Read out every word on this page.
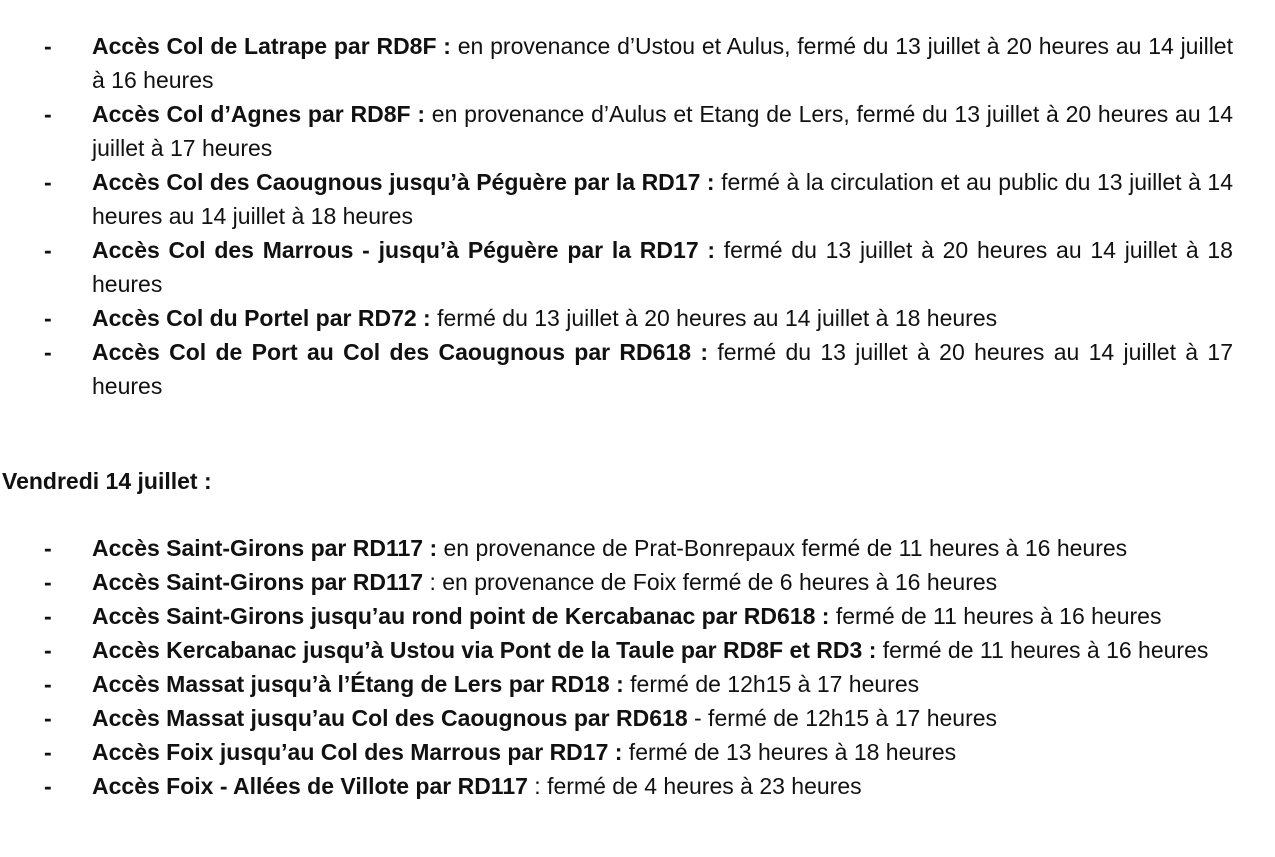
- Accès Col de Latrape par RD8F : en provenance d’Ustou et Aulus, fermé du 13 juillet à 20 heures au 14 juillet à 16 heures
- Accès Col d’Agnes par RD8F : en provenance d’Aulus et Etang de Lers, fermé du 13 juillet à 20 heures au 14 juillet à 17 heures
- Accès Col des Caougnous jusqu’à Péguère par la RD17 : fermé à la circulation et au public du 13 juillet à 14 heures au 14 juillet à 18 heures
- Accès Col des Marrous - jusqu’à Péguère par la RD17 : fermé du 13 juillet à 20 heures au 14 juillet à 18 heures
- Accès Col du Portel par RD72 : fermé du 13 juillet à 20 heures au 14 juillet à 18 heures
- Accès Col de Port au Col des Caougnous par RD618 : fermé du 13 juillet à 20 heures au 14 juillet à 17 heures

Vendredi 14 juillet :

- Accès Saint-Girons par RD117 : en provenance de Prat-Bonrepaux fermé de 11 heures à 16 heures
- Accès Saint-Girons par RD117 : en provenance de Foix fermé de 6 heures à 16 heures
- Accès Saint-Girons jusqu’au rond point de Kercabanac par RD618 : fermé de 11 heures à 16 heures
- Accès Kercabanac jusqu’à Ustou via Pont de la Taule par RD8F et RD3 : fermé de 11 heures à 16 heures
- Accès Massat jusqu’à l’Étang de Lers par RD18 : fermé de 12h15 à 17 heures
- Accès Massat jusqu’au Col des Caougnous par RD618 - fermé de 12h15 à 17 heures
- Accès Foix jusqu’au Col des Marrous par RD17 : fermé de 13 heures à 18 heures
- Accès Foix - Allées de Villote par RD117 : fermé de 4 heures à 23 heures
